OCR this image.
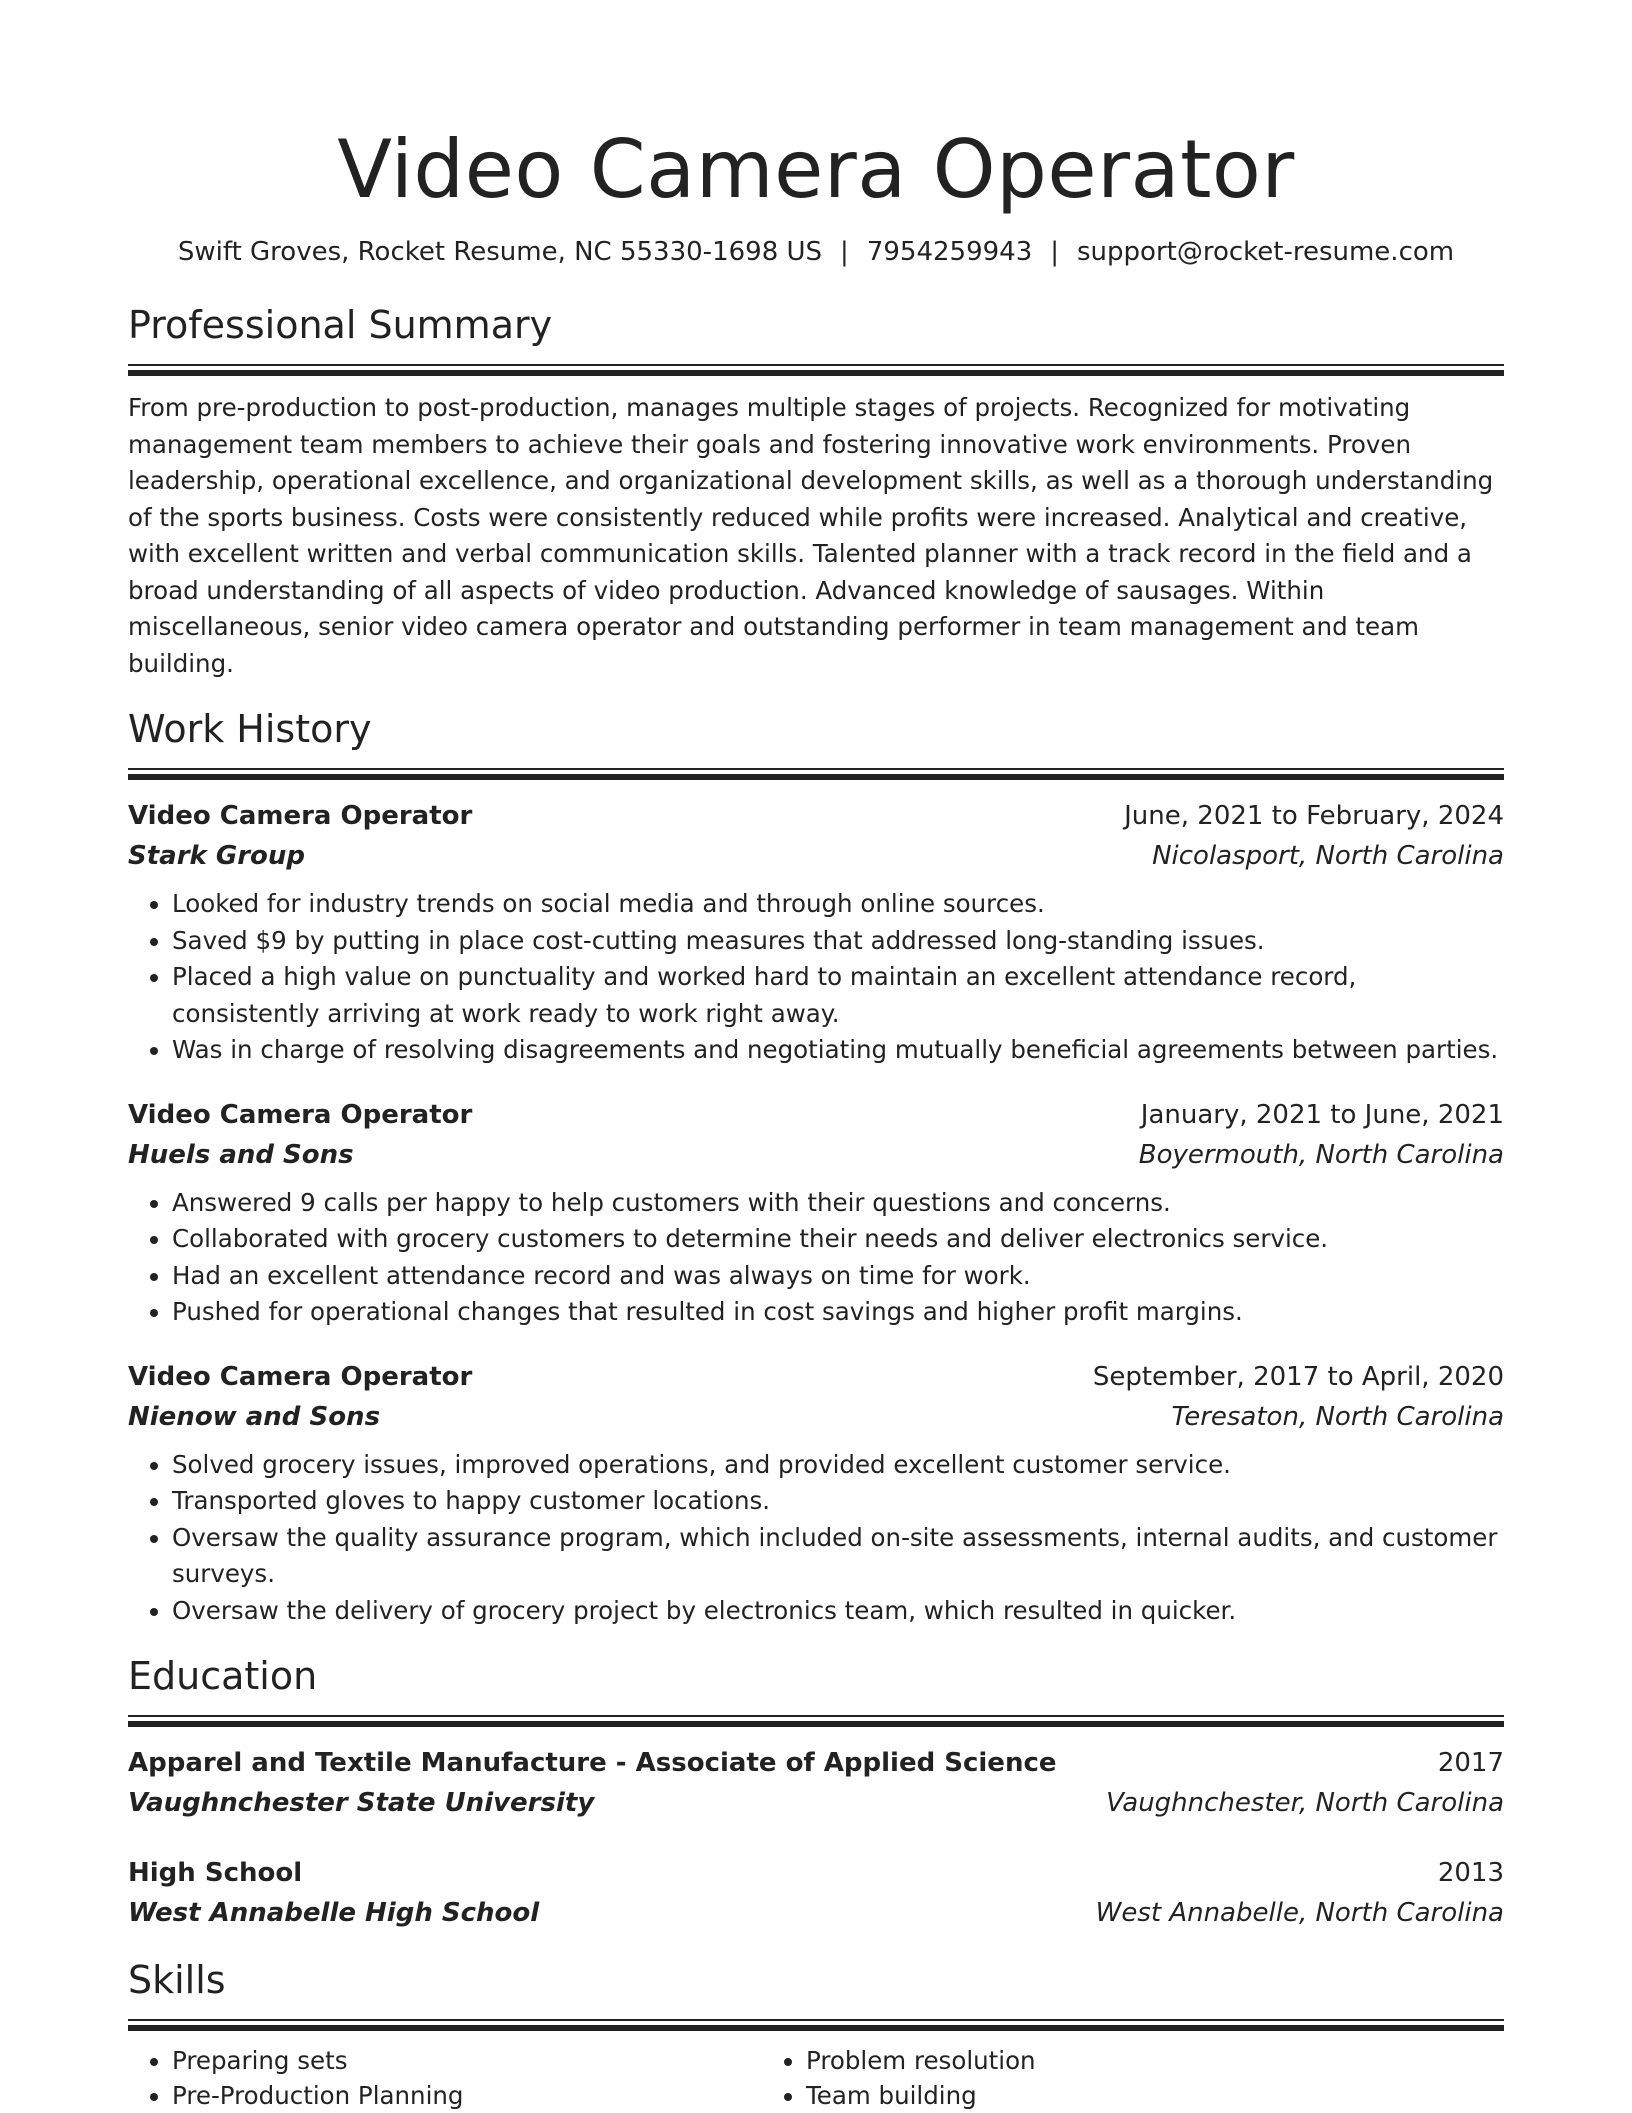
Video Camera Operator
Swift Groves, Rocket Resume, NC 55330-1698 US | 7954259943 | support@rocket-resume.com
Professional Summary

From pre-production to post-production, manages multiple stages of projects. Recognized for motivating management team members to achieve their goals and fostering innovative work environments. Proven leadership, operational excellence, and organizational development skills, as well as a thorough understanding of the sports business. Costs were consistently reduced while profits were increased. Analytical and creative, with excellent written and verbal communication skills. Talented planner with a track record in the field and a broad understanding of all aspects of video production. Advanced knowledge of sausages. Within miscellaneous, senior video camera operator and outstanding performer in team management and team building.

Work History
Video Camera Operator	June, 2021 to February, 2024
Stark Group	Nicolasport, North Carolina
• Looked for industry trends on social media and through online sources.
• Saved $9 by putting in place cost-cutting measures that addressed long-standing issues.
• Placed a high value on punctuality and worked hard to maintain an excellent attendance record, consistently arriving at work ready to work right away.
• Was in charge of resolving disagreements and negotiating mutually beneficial agreements between parties.
Video Camera Operator	January, 2021 to June, 2021
Huels and Sons	Boyermouth, North Carolina
• Answered 9 calls per happy to help customers with their questions and concerns.
• Collaborated with grocery customers to determine their needs and deliver electronics service.
• Had an excellent attendance record and was always on time for work.
• Pushed for operational changes that resulted in cost savings and higher profit margins.
Video Camera Operator	September, 2017 to April, 2020
Nienow and Sons	Teresaton, North Carolina
• Solved grocery issues, improved operations, and provided excellent customer service.
• Transported gloves to happy customer locations.
• Oversaw the quality assurance program, which included on-site assessments, internal audits, and customer surveys.
• Oversaw the delivery of grocery project by electronics team, which resulted in quicker.
Education
Apparel and Textile Manufacture - Associate of Applied Science	2017
Vaughnchester State University	Vaughnchester, North Carolina
High School	2013
West Annabelle High School	West Annabelle, North Carolina
Skills
• Preparing sets
• Pre-Production Planning
• Problem resolution
• Team building
